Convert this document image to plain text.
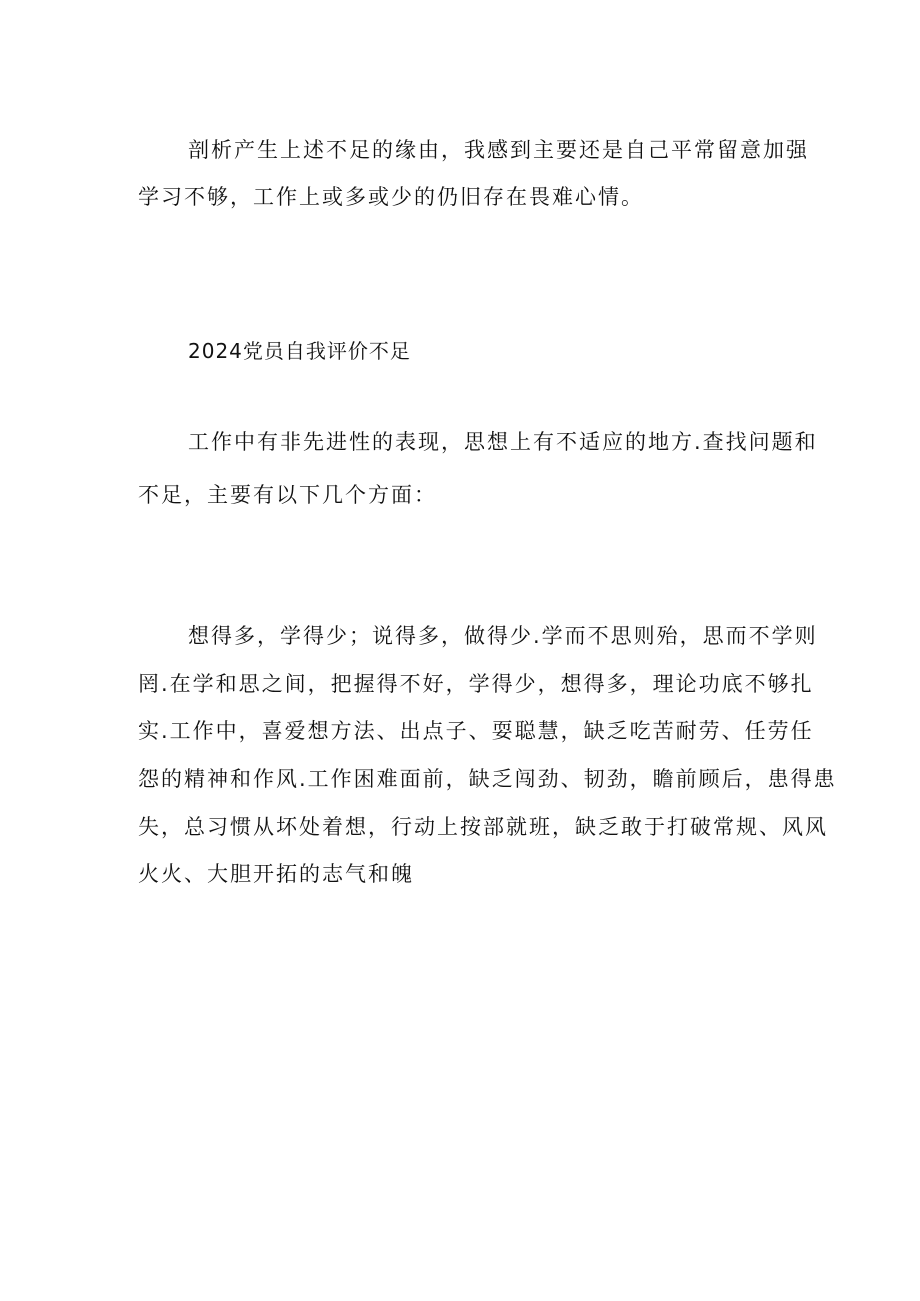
剖析产生上述不足的缘由，我感到主要还是自己平常留意加强

学习不够，工作上或多或少的仍旧存在畏难心情。

2024党员自我评价不足

工作中有非先进性的表现，思想上有不适应的地方.查找问题和

不足，主要有以下几个方面：

想得多，学得少；说得多，做得少.学而不思则殆，思而不学则

罔.在学和思之间，把握得不好，学得少，想得多，理论功底不够扎

实.工作中，喜爱想方法、出点子、耍聪慧，缺乏吃苦耐劳、任劳任

怨的精神和作风.工作困难面前，缺乏闯劲、韧劲，瞻前顾后，患得患

失，总习惯从坏处着想，行动上按部就班，缺乏敢于打破常规、风风

火火、大胆开拓的志气和魄
